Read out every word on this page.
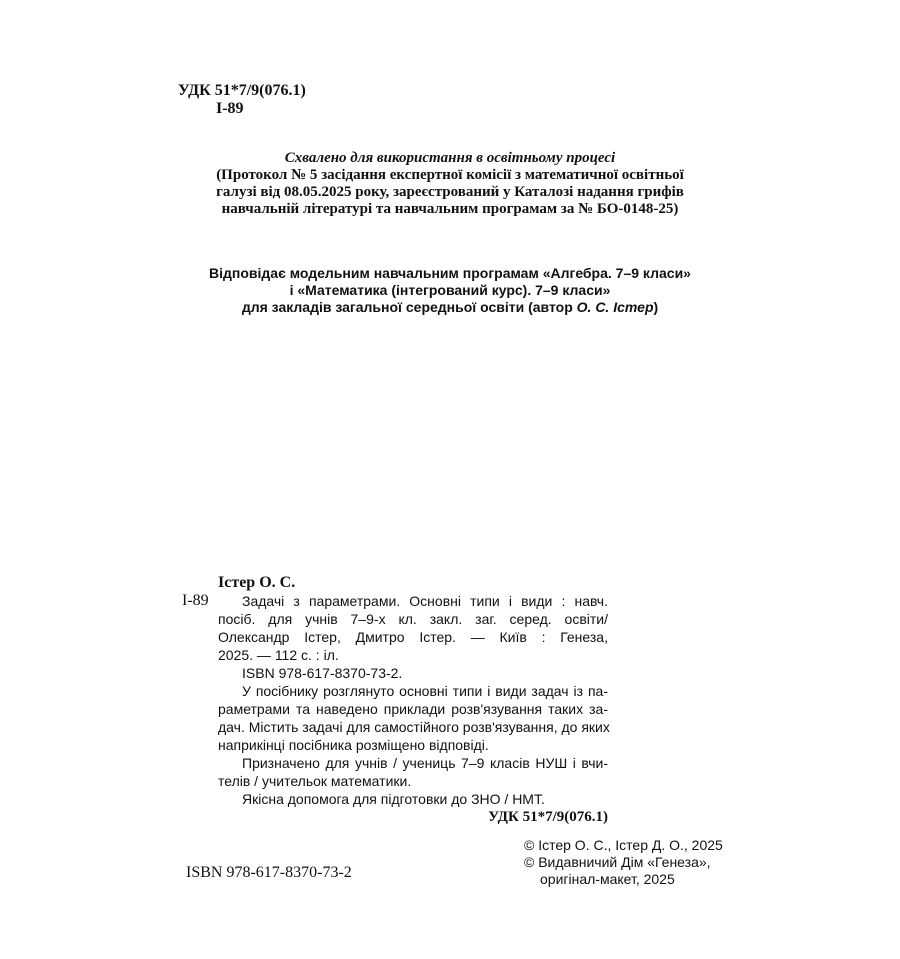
УДК 51*7/9(076.1)
І-89
Схвалено для використання в освітньому процесі
(Протокол № 5 засідання експертної комісії з математичної освітньої
галузі від 08.05.2025 року, зареєстрований у Каталозі надання грифів
навчальній літературі та навчальним програмам за № БО-0148-25)
Відповідає модельним навчальним програмам «Алгебра. 7–9 класи»
і «Математика (інтегрований курс). 7–9 класи»
для закладів загальної середньої освіти (автор О. С. Істер)
Істер О. С.
І-89 Задачі з параметрами. Основні типи і види : навч.
посіб. для учнів 7–9-х кл. закл. заг. серед. освіти/
Олександр Істер, Дмитро Істер. — Київ : Генеза,
2025. — 112 с. : іл.
ISBN 978-617-8370-73-2.
У посібнику розглянуто основні типи і види задач із па-
раметрами та наведено приклади розв'язування таких за-
дач. Містить задачі для самостійного розв'язування, до яких
наприкінці посібника розміщено відповіді.
Призначено для учнів / учениць 7–9 класів НУШ і вчи-
телів / учительок математики.
Якісна допомога для підготовки до ЗНО / НМТ.
УДК 51*7/9(076.1)
ISBN 978-617-8370-73-2
© Істер О. С., Істер Д. О., 2025
© Видавничий Дім «Генеза»,
оригінал-макет, 2025
